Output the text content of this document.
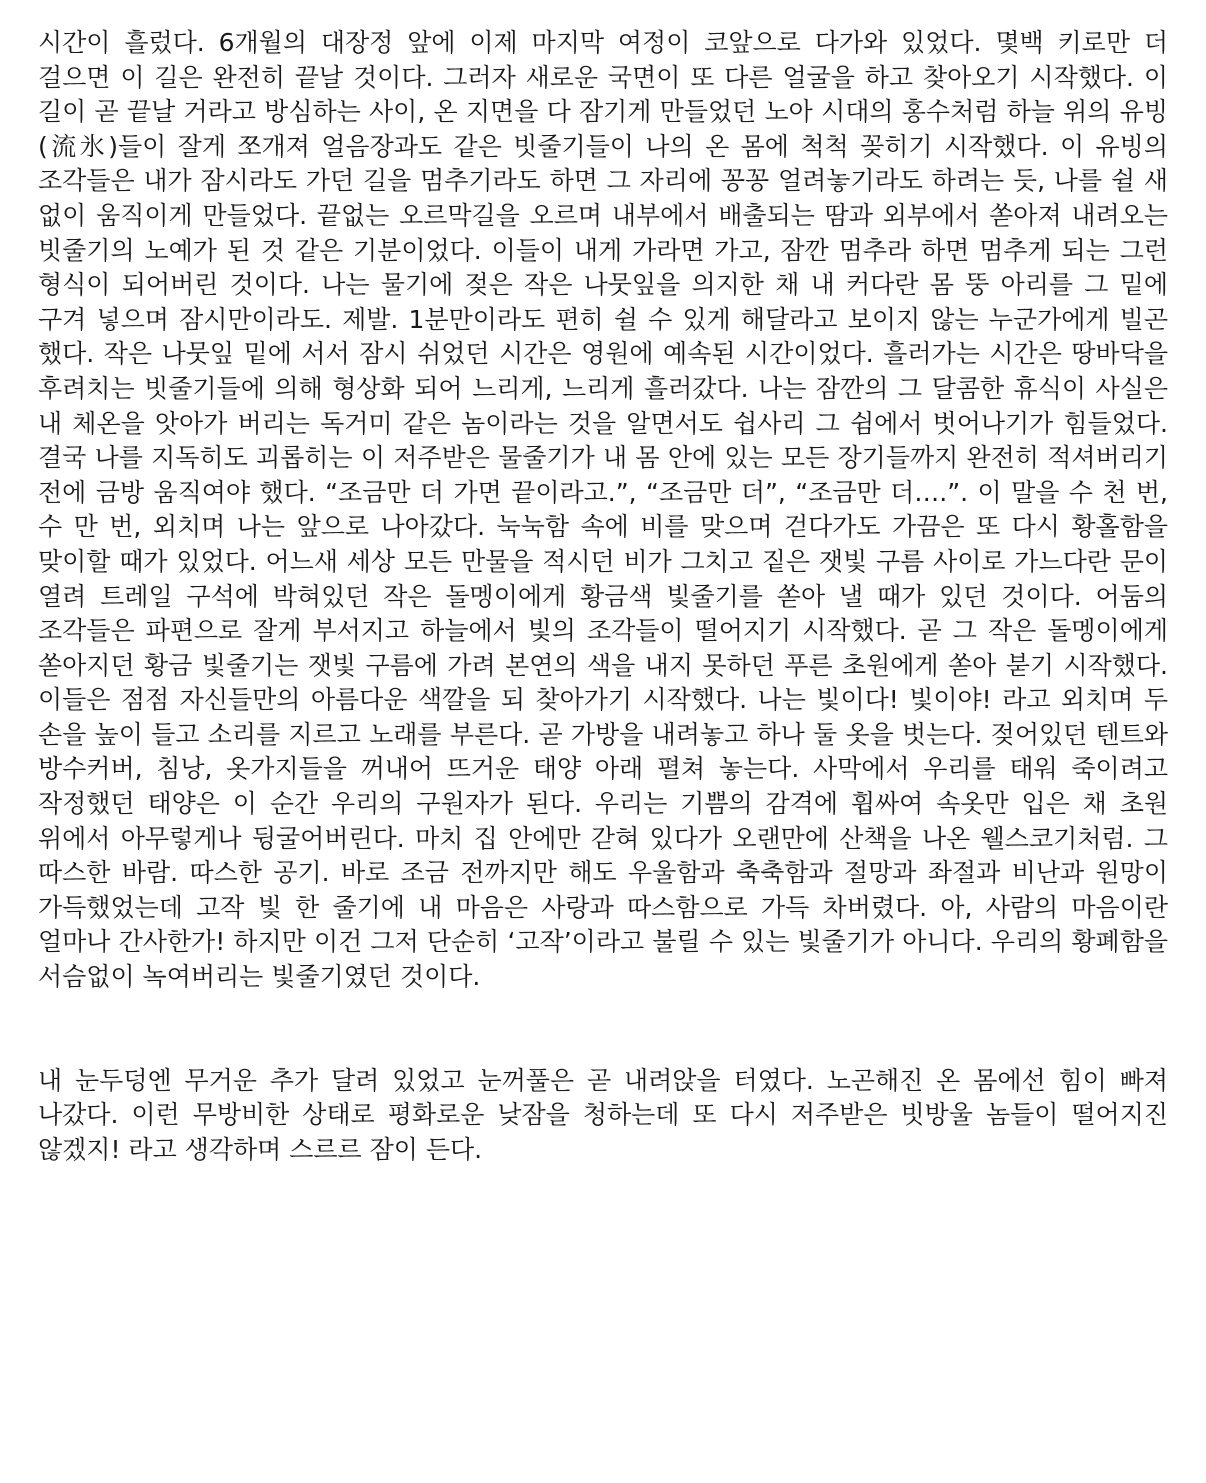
시간이 흘렀다. 6개월의 대장정 앞에 이제 마지막 여정이 코앞으로 다가와 있었다. 몇백 키로만 더 걸으면 이 길은 완전히 끝날 것이다. 그러자 새로운 국면이 또 다른 얼굴을 하고 찾아오기 시작했다. 이 길이 곧 끝날 거라고 방심하는 사이, 온 지면을 다 잠기게 만들었던 노아 시대의 홍수처럼 하늘 위의 유빙(流氷)들이 잘게 쪼개져 얼음장과도 같은 빗줄기들이 나의 온 몸에 척척 꽂히기 시작했다. 이 유빙의 조각들은 내가 잠시라도 가던 길을 멈추기라도 하면 그 자리에 꽁꽁 얼려놓기라도 하려는 듯, 나를 쉴 새 없이 움직이게 만들었다. 끝없는 오르막길을 오르며 내부에서 배출되는 땀과 외부에서 쏟아져 내려오는 빗줄기의 노예가 된 것 같은 기분이었다. 이들이 내게 가라면 가고, 잠깐 멈추라 하면 멈추게 되는 그런 형식이 되어버린 것이다. 나는 물기에 젖은 작은 나뭇잎을 의지한 채 내 커다란 몸 뚱 아리를 그 밑에 구겨 넣으며 잠시만이라도. 제발. 1분만이라도 편히 쉴 수 있게 해달라고 보이지 않는 누군가에게 빌곤 했다. 작은 나뭇잎 밑에 서서 잠시 쉬었던 시간은 영원에 예속된 시간이었다. 흘러가는 시간은 땅바닥을 후려치는 빗줄기들에 의해 형상화 되어 느리게, 느리게 흘러갔다. 나는 잠깐의 그 달콤한 휴식이 사실은 내 체온을 앗아가 버리는 독거미 같은 놈이라는 것을 알면서도 쉽사리 그 쉼에서 벗어나기가 힘들었다. 결국 나를 지독히도 괴롭히는 이 저주받은 물줄기가 내 몸 안에 있는 모든 장기들까지 완전히 적셔버리기 전에 금방 움직여야 했다. “조금만 더 가면 끝이라고.”, “조금만 더”, “조금만 더….”. 이 말을 수 천 번, 수 만 번, 외치며 나는 앞으로 나아갔다. 눅눅함 속에 비를 맞으며 걷다가도 가끔은 또 다시 황홀함을 맞이할 때가 있었다. 어느새 세상 모든 만물을 적시던 비가 그치고 짙은 잿빛 구름 사이로 가느다란 문이 열려 트레일 구석에 박혀있던 작은 돌멩이에게 황금색 빛줄기를 쏟아 낼 때가 있던 것이다. 어둠의 조각들은 파편으로 잘게 부서지고 하늘에서 빛의 조각들이 떨어지기 시작했다. 곧 그 작은 돌멩이에게 쏟아지던 황금 빛줄기는 잿빛 구름에 가려 본연의 색을 내지 못하던 푸른 초원에게 쏟아 붇기 시작했다. 이들은 점점 자신들만의 아름다운 색깔을 되 찾아가기 시작했다. 나는 빛이다! 빛이야! 라고 외치며 두 손을 높이 들고 소리를 지르고 노래를 부른다. 곧 가방을 내려놓고 하나 둘 옷을 벗는다. 젖어있던 텐트와 방수커버, 침낭, 옷가지들을 꺼내어 뜨거운 태양 아래 펼쳐 놓는다. 사막에서 우리를 태워 죽이려고 작정했던 태양은 이 순간 우리의 구원자가 된다. 우리는 기쁨의 감격에 휩싸여 속옷만 입은 채 초원 위에서 아무렇게나 뒹굴어버린다. 마치 집 안에만 갇혀 있다가 오랜만에 산책을 나온 웰스코기처럼. 그 따스한 바람. 따스한 공기. 바로 조금 전까지만 해도 우울함과 축축함과 절망과 좌절과 비난과 원망이 가득했었는데 고작 빛 한 줄기에 내 마음은 사랑과 따스함으로 가득 차버렸다. 아, 사람의 마음이란 얼마나 간사한가! 하지만 이건 그저 단순히 ‘고작’이라고 불릴 수 있는 빛줄기가 아니다. 우리의 황폐함을 서슴없이 녹여버리는 빛줄기였던 것이다.

내 눈두덩엔 무거운 추가 달려 있었고 눈꺼풀은 곧 내려앉을 터였다. 노곤해진 온 몸에선 힘이 빠져 나갔다. 이런 무방비한 상태로 평화로운 낮잠을 청하는데 또 다시 저주받은 빗방울 놈들이 떨어지진 않겠지! 라고 생각하며 스르르 잠이 든다.
